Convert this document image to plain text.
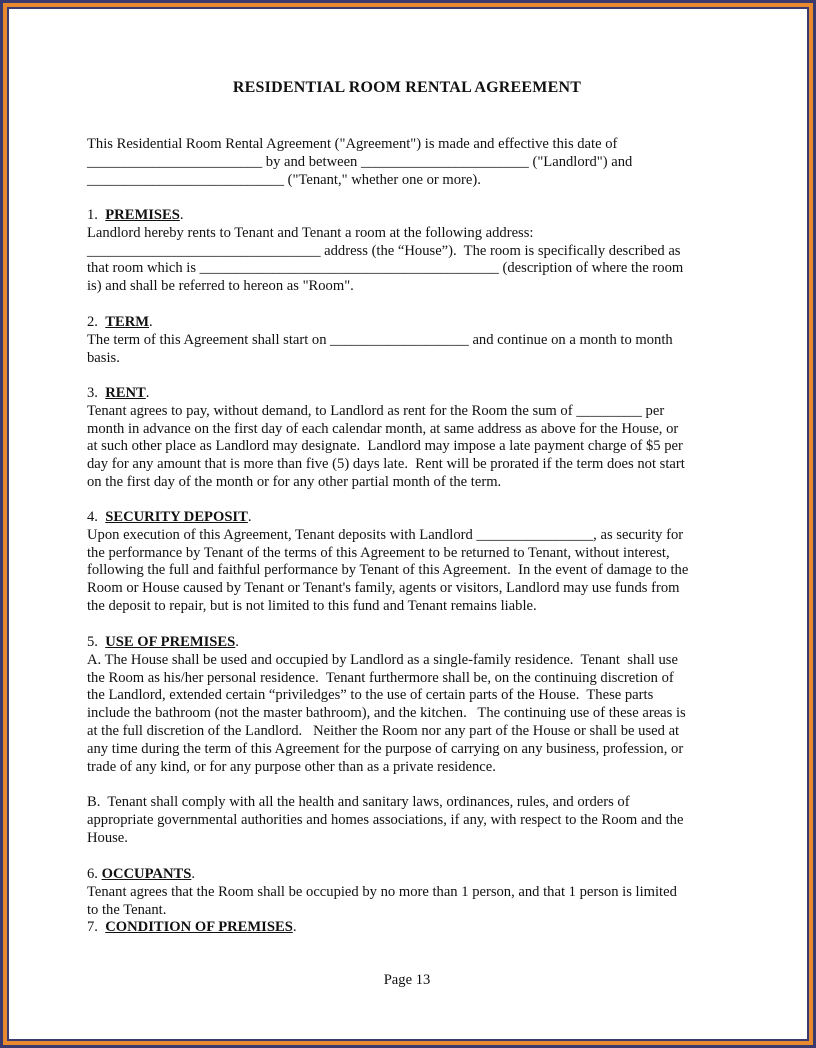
RESIDENTIAL ROOM RENTAL AGREEMENT
This Residential Room Rental Agreement ("Agreement") is made and effective this date of
________________________ by and between _______________________ ("Landlord") and
___________________________ ("Tenant," whether one or more).
1. PREMISES.
Landlord hereby rents to Tenant and Tenant a room at the following address:
________________________________ address (the “House”).  The room is specifically described as
that room which is _________________________________________ (description of where the room
is) and shall be referred to hereon as "Room".
2. TERM.
The term of this Agreement shall start on ___________________ and continue on a month to month
basis.
3. RENT.
Tenant agrees to pay, without demand, to Landlord as rent for the Room the sum of _________ per
month in advance on the first day of each calendar month, at same address as above for the House, or
at such other place as Landlord may designate.  Landlord may impose a late payment charge of $5 per
day for any amount that is more than five (5) days late.  Rent will be prorated if the term does not start
on the first day of the month or for any other partial month of the term.
4. SECURITY DEPOSIT.
Upon execution of this Agreement, Tenant deposits with Landlord ________________, as security for
the performance by Tenant of the terms of this Agreement to be returned to Tenant, without interest,
following the full and faithful performance by Tenant of this Agreement.  In the event of damage to the
Room or House caused by Tenant or Tenant's family, agents or visitors, Landlord may use funds from
the deposit to repair, but is not limited to this fund and Tenant remains liable.
5. USE OF PREMISES.
A. The House shall be used and occupied by Landlord as a single-family residence.  Tenant  shall use
the Room as his/her personal residence.  Tenant furthermore shall be, on the continuing discretion of
the Landlord, extended certain “priviledges” to the use of certain parts of the House.  These parts
include the bathroom (not the master bathroom), and the kitchen.   The continuing use of these areas is
at the full discretion of the Landlord.   Neither the Room nor any part of the House or shall be used at
any time during the term of this Agreement for the purpose of carrying on any business, profession, or
trade of any kind, or for any purpose other than as a private residence.
B.  Tenant shall comply with all the health and sanitary laws, ordinances, rules, and orders of
appropriate governmental authorities and homes associations, if any, with respect to the Room and the
House.
6. OCCUPANTS.
Tenant agrees that the Room shall be occupied by no more than 1 person, and that 1 person is limited
to the Tenant.
7. CONDITION OF PREMISES.
Page 13
